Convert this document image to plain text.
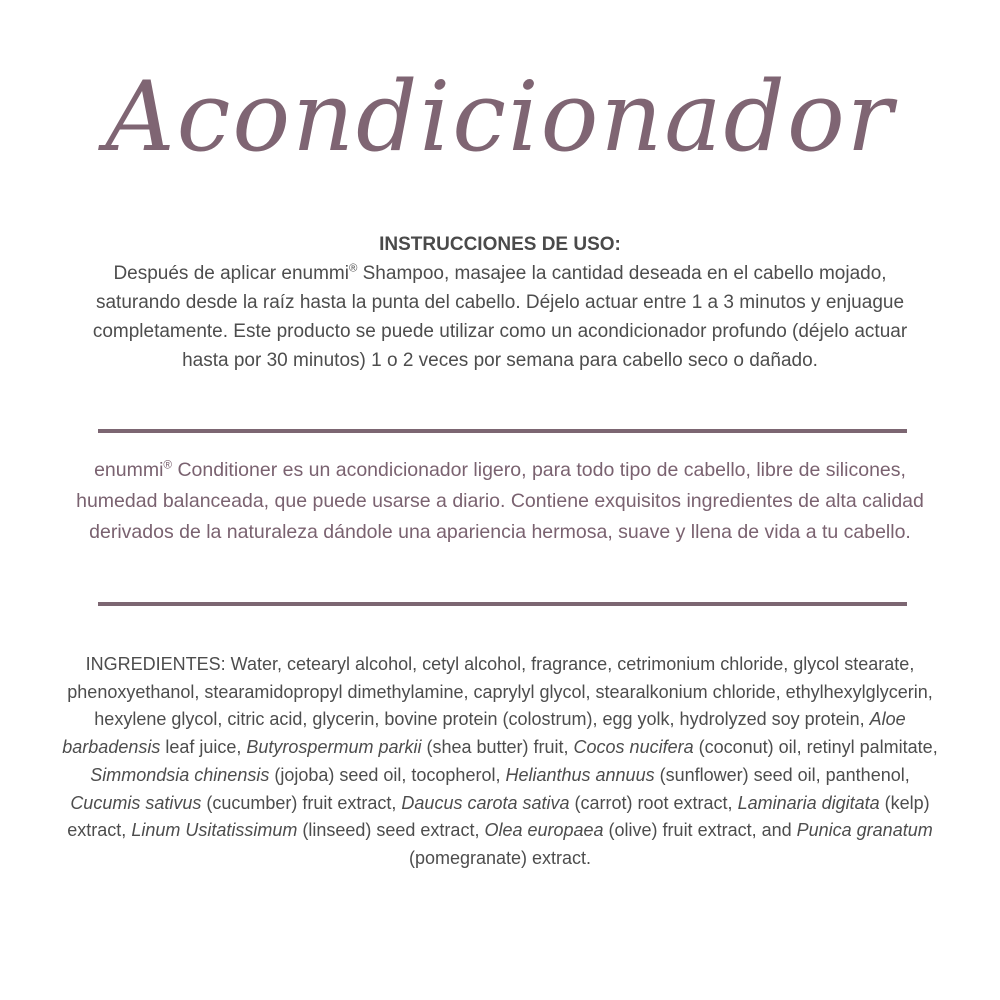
Acondicionador
INSTRUCCIONES DE USO:
Después de aplicar enummi® Shampoo, masajee la cantidad deseada en el cabello mojado, saturando desde la raíz hasta la punta del cabello. Déjelo actuar entre 1 a 3 minutos y enjuague completamente. Este producto se puede utilizar como un acondicionador profundo (déjelo actuar hasta por 30 minutos) 1 o 2 veces por semana para cabello seco o dañado.
enummi® Conditioner es un acondicionador ligero, para todo tipo de cabello, libre de silicones, humedad balanceada, que puede usarse a diario. Contiene exquisitos ingredientes de alta calidad derivados de la naturaleza dándole una apariencia hermosa, suave y llena de vida a tu cabello.
INGREDIENTES: Water, cetearyl alcohol, cetyl alcohol, fragrance, cetrimonium chloride, glycol stearate, phenoxyethanol, stearamidopropyl dimethylamine, caprylyl glycol, stearalkonium chloride, ethylhexylglycerin, hexylene glycol, citric acid, glycerin, bovine protein (colostrum), egg yolk, hydrolyzed soy protein, Aloe barbadensis leaf juice, Butyrospermum parkii (shea butter) fruit, Cocos nucifera (coconut) oil, retinyl palmitate, Simmondsia chinensis (jojoba) seed oil, tocopherol, Helianthus annuus (sunflower) seed oil, panthenol, Cucumis sativus (cucumber) fruit extract, Daucus carota sativa (carrot) root extract, Laminaria digitata (kelp) extract, Linum Usitatissimum (linseed) seed extract, Olea europaea (olive) fruit extract, and Punica granatum (pomegranate) extract.
